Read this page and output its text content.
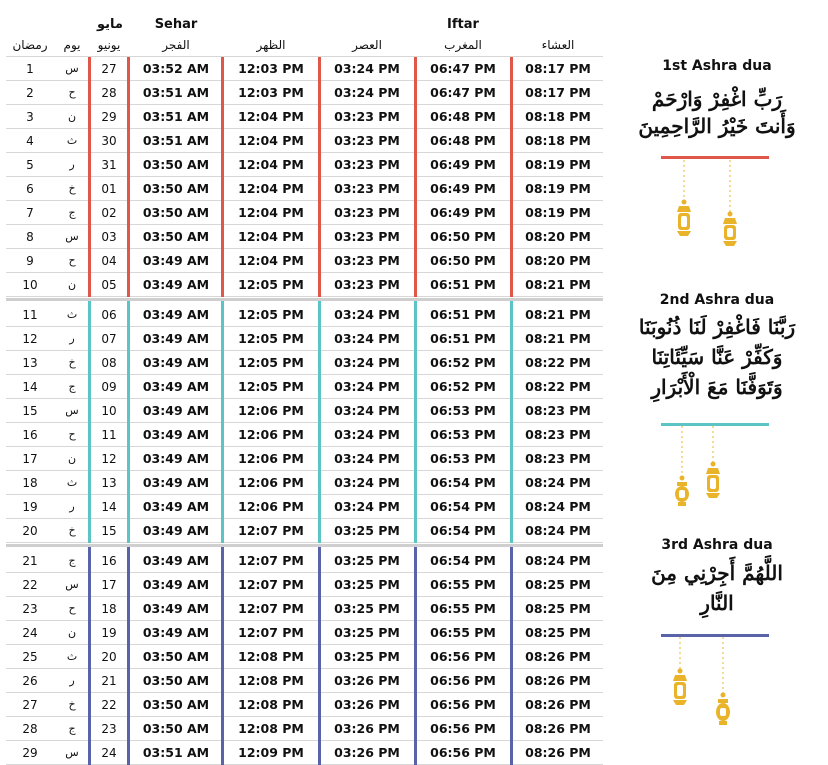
مایو	Sehar	Iftar
رمضان	یوم	یونیو	الفجر	الظهر	العصر	المغرب	العشاء
1	س	27	03:52 AM	12:03 PM	03:24 PM	06:47 PM	08:17 PM
2	ح	28	03:51 AM	12:03 PM	03:24 PM	06:47 PM	08:17 PM
3	ن	29	03:51 AM	12:04 PM	03:23 PM	06:48 PM	08:18 PM
4	ث	30	03:51 AM	12:04 PM	03:23 PM	06:48 PM	08:18 PM
5	ر	31	03:50 AM	12:04 PM	03:23 PM	06:49 PM	08:19 PM
6	خ	01	03:50 AM	12:04 PM	03:23 PM	06:49 PM	08:19 PM
7	ج	02	03:50 AM	12:04 PM	03:23 PM	06:49 PM	08:19 PM
8	س	03	03:50 AM	12:04 PM	03:23 PM	06:50 PM	08:20 PM
9	ح	04	03:49 AM	12:04 PM	03:23 PM	06:50 PM	08:20 PM
10	ن	05	03:49 AM	12:05 PM	03:23 PM	06:51 PM	08:21 PM
11	ث	06	03:49 AM	12:05 PM	03:24 PM	06:51 PM	08:21 PM
12	ر	07	03:49 AM	12:05 PM	03:24 PM	06:51 PM	08:21 PM
13	خ	08	03:49 AM	12:05 PM	03:24 PM	06:52 PM	08:22 PM
14	ج	09	03:49 AM	12:05 PM	03:24 PM	06:52 PM	08:22 PM
15	س	10	03:49 AM	12:06 PM	03:24 PM	06:53 PM	08:23 PM
16	ح	11	03:49 AM	12:06 PM	03:24 PM	06:53 PM	08:23 PM
17	ن	12	03:49 AM	12:06 PM	03:24 PM	06:53 PM	08:23 PM
18	ث	13	03:49 AM	12:06 PM	03:24 PM	06:54 PM	08:24 PM
19	ر	14	03:49 AM	12:06 PM	03:24 PM	06:54 PM	08:24 PM
20	خ	15	03:49 AM	12:07 PM	03:25 PM	06:54 PM	08:24 PM
21	ج	16	03:49 AM	12:07 PM	03:25 PM	06:54 PM	08:24 PM
22	س	17	03:49 AM	12:07 PM	03:25 PM	06:55 PM	08:25 PM
23	ح	18	03:49 AM	12:07 PM	03:25 PM	06:55 PM	08:25 PM
24	ن	19	03:49 AM	12:07 PM	03:25 PM	06:55 PM	08:25 PM
25	ث	20	03:50 AM	12:08 PM	03:25 PM	06:56 PM	08:26 PM
26	ر	21	03:50 AM	12:08 PM	03:26 PM	06:56 PM	08:26 PM
27	خ	22	03:50 AM	12:08 PM	03:26 PM	06:56 PM	08:26 PM
28	ج	23	03:50 AM	12:08 PM	03:26 PM	06:56 PM	08:26 PM
29	س	24	03:51 AM	12:09 PM	03:26 PM	06:56 PM	08:26 PM
1st Ashra dua
رَبِّ اغْفِرْ وَارْحَمْ
وَأَنتَ خَيْرُ الرَّاحِمِينَ
2nd Ashra dua
رَبَّنَا فَاغْفِرْ لَنَا ذُنُوبَنَا
وَكَفِّرْ عَنَّا سَيِّئَاتِنَا
وَتَوَفَّنَا مَعَ الْأَبْرَارِ
3rd Ashra dua
اللَّهُمَّ أَجِرْنِي مِنَ
النَّارِ
